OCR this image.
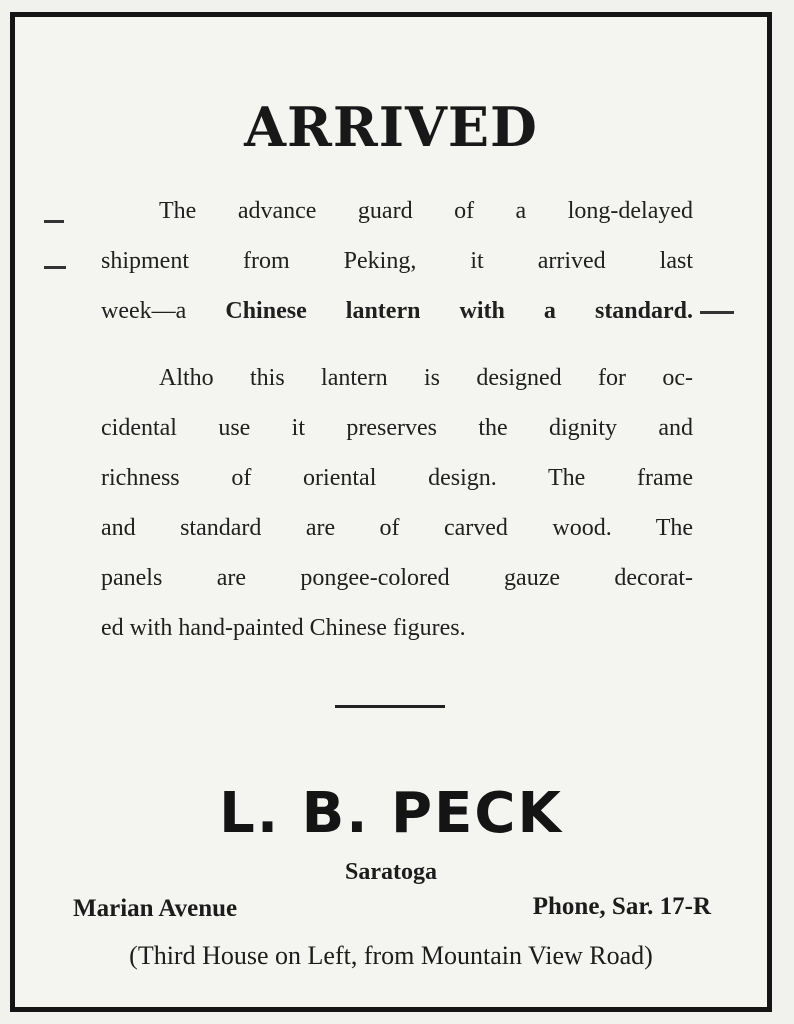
ARRIVED
The advance guard of a long-delayed
shipment from Peking, it arrived last
week—a Chinese lantern with a standard.
Altho this lantern is designed for oc-
cidental use it preserves the dignity and
richness of oriental design. The frame
and standard are of carved wood. The
panels are pongee-colored gauze decorat-
ed with hand-painted Chinese figures.
L. B. PECK
Saratoga
Marian Avenue	Phone, Sar. 17-R
(Third House on Left, from Mountain View Road)
